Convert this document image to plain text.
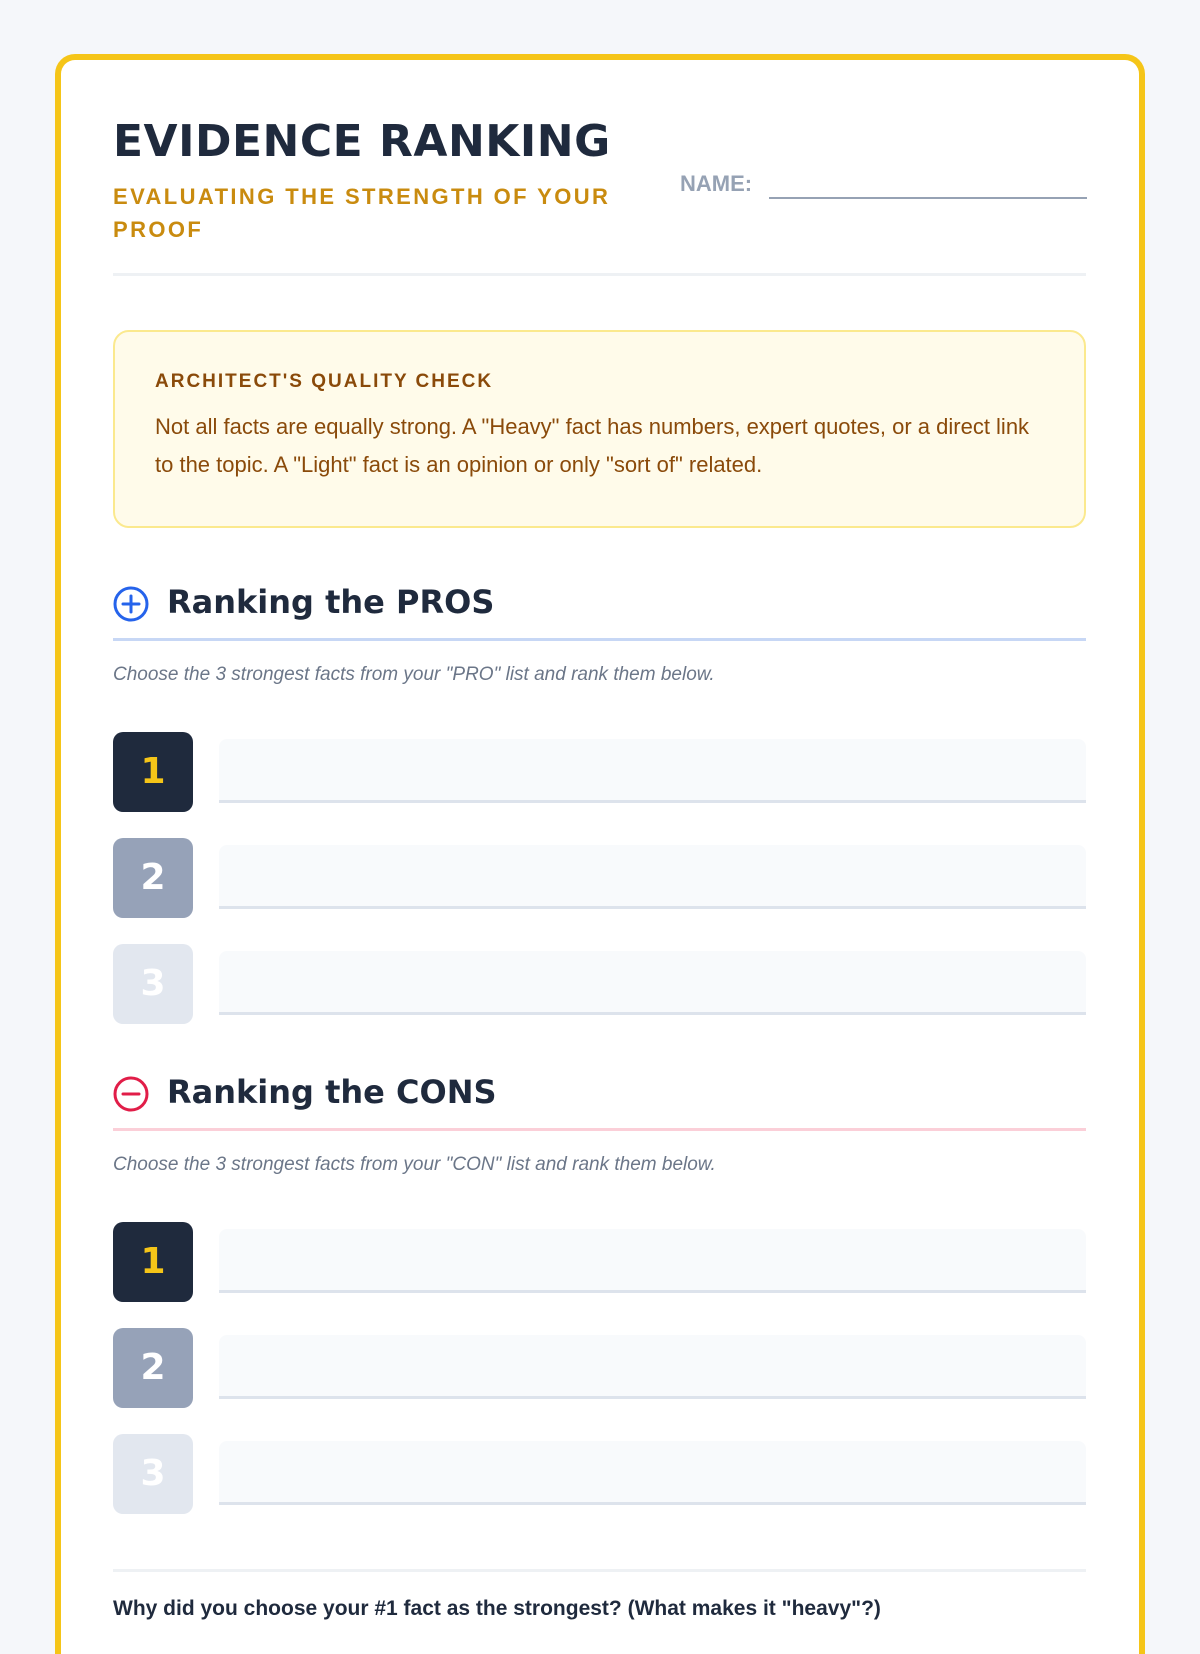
EVIDENCE RANKING

EVALUATING THE STRENGTH OF YOUR PROOF

NAME:

ARCHITECT'S QUALITY CHECK

Not all facts are equally strong. A "Heavy" fact has numbers, expert quotes, or a direct link to the topic. A "Light" fact is an opinion or only "sort of" related.

Ranking the PROS

Choose the 3 strongest facts from your "PRO" list and rank them below.

1
2
3
Ranking the CONS

Choose the 3 strongest facts from your "CON" list and rank them below.

1
2
3

Why did you choose your #1 fact as the strongest? (What makes it "heavy"?)
